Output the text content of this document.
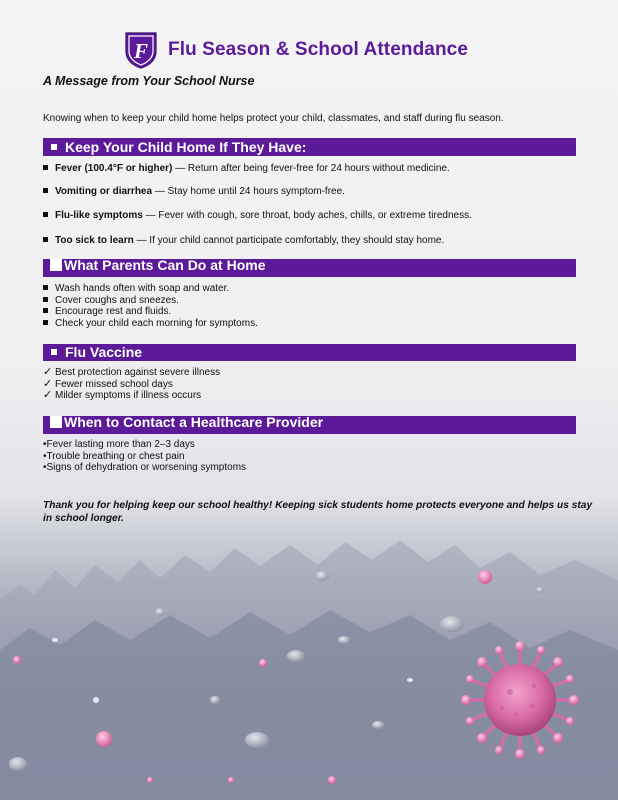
F Flu Season & School Attendance
A Message from Your School Nurse
Knowing when to keep your child home helps protect your child, classmates, and staff during flu season.
Keep Your Child Home If They Have:
Fever (100.4°F or higher) — Return after being fever-free for 24 hours without medicine.
Vomiting or diarrhea — Stay home until 24 hours symptom-free.
Flu-like symptoms — Fever with cough, sore throat, body aches, chills, or extreme tiredness.
Too sick to learn — If your child cannot participate comfortably, they should stay home.
What Parents Can Do at Home
Wash hands often with soap and water.
Cover coughs and sneezes.
Encourage rest and fluids.
Check your child each morning for symptoms.
Flu Vaccine
✓ Best protection against severe illness
✓ Fewer missed school days
✓ Milder symptoms if illness occurs
When to Contact a Healthcare Provider
•Fever lasting more than 2–3 days
•Trouble breathing or chest pain
•Signs of dehydration or worsening symptoms
Thank you for helping keep our school healthy! Keeping sick students home protects everyone and helps us stay in school longer.
